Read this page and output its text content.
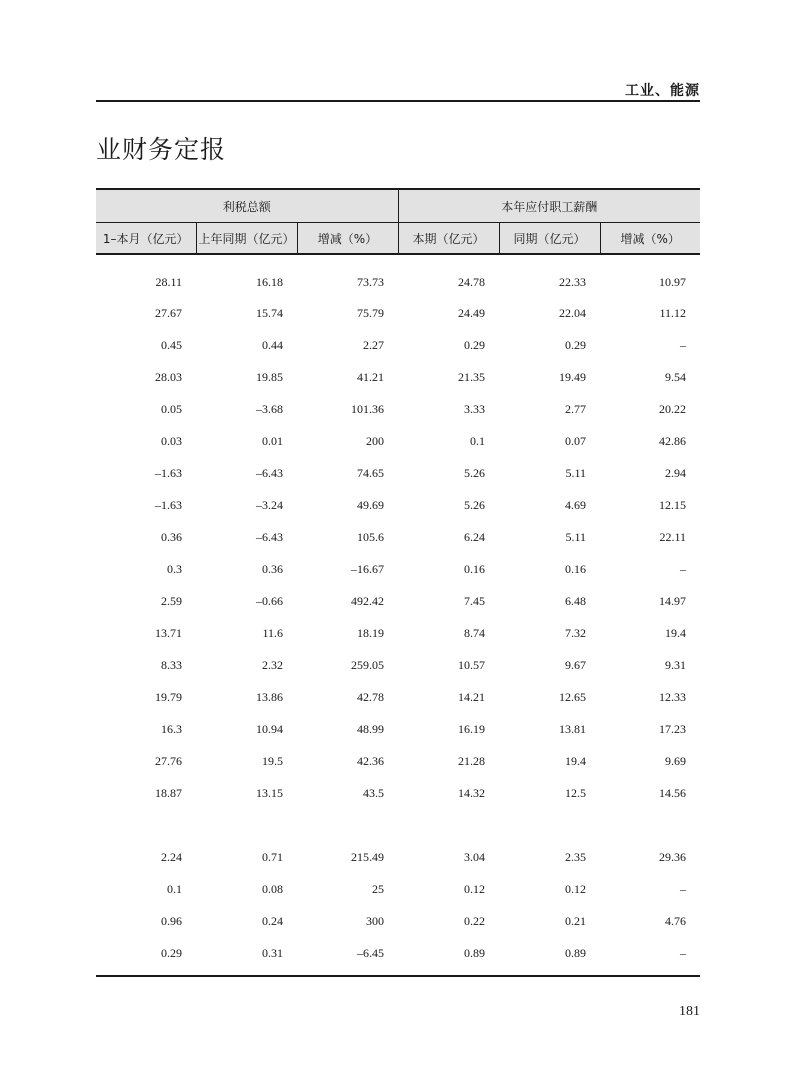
工业、能源
业财务定报
利税总额			本年应付职工薪酬		
1–本月（亿元）	上年同期（亿元）	增减（%）	本期（亿元）	同期（亿元）	增减（%）
28.11	16.18	73.73	24.78	22.33	10.97
27.67	15.74	75.79	24.49	22.04	11.12
0.45	0.44	2.27	0.29	0.29	–
28.03	19.85	41.21	21.35	19.49	9.54
0.05	–3.68	101.36	3.33	2.77	20.22
0.03	0.01	200	0.1	0.07	42.86
–1.63	–6.43	74.65	5.26	5.11	2.94
–1.63	–3.24	49.69	5.26	4.69	12.15
0.36	–6.43	105.6	6.24	5.11	22.11
0.3	0.36	–16.67	0.16	0.16	–
2.59	–0.66	492.42	7.45	6.48	14.97
13.71	11.6	18.19	8.74	7.32	19.4
8.33	2.32	259.05	10.57	9.67	9.31
19.79	13.86	42.78	14.21	12.65	12.33
16.3	10.94	48.99	16.19	13.81	17.23
27.76	19.5	42.36	21.28	19.4	9.69
18.87	13.15	43.5	14.32	12.5	14.56

2.24	0.71	215.49	3.04	2.35	29.36
0.1	0.08	25	0.12	0.12	–
0.96	0.24	300	0.22	0.21	4.76
0.29	0.31	–6.45	0.89	0.89	–
181
